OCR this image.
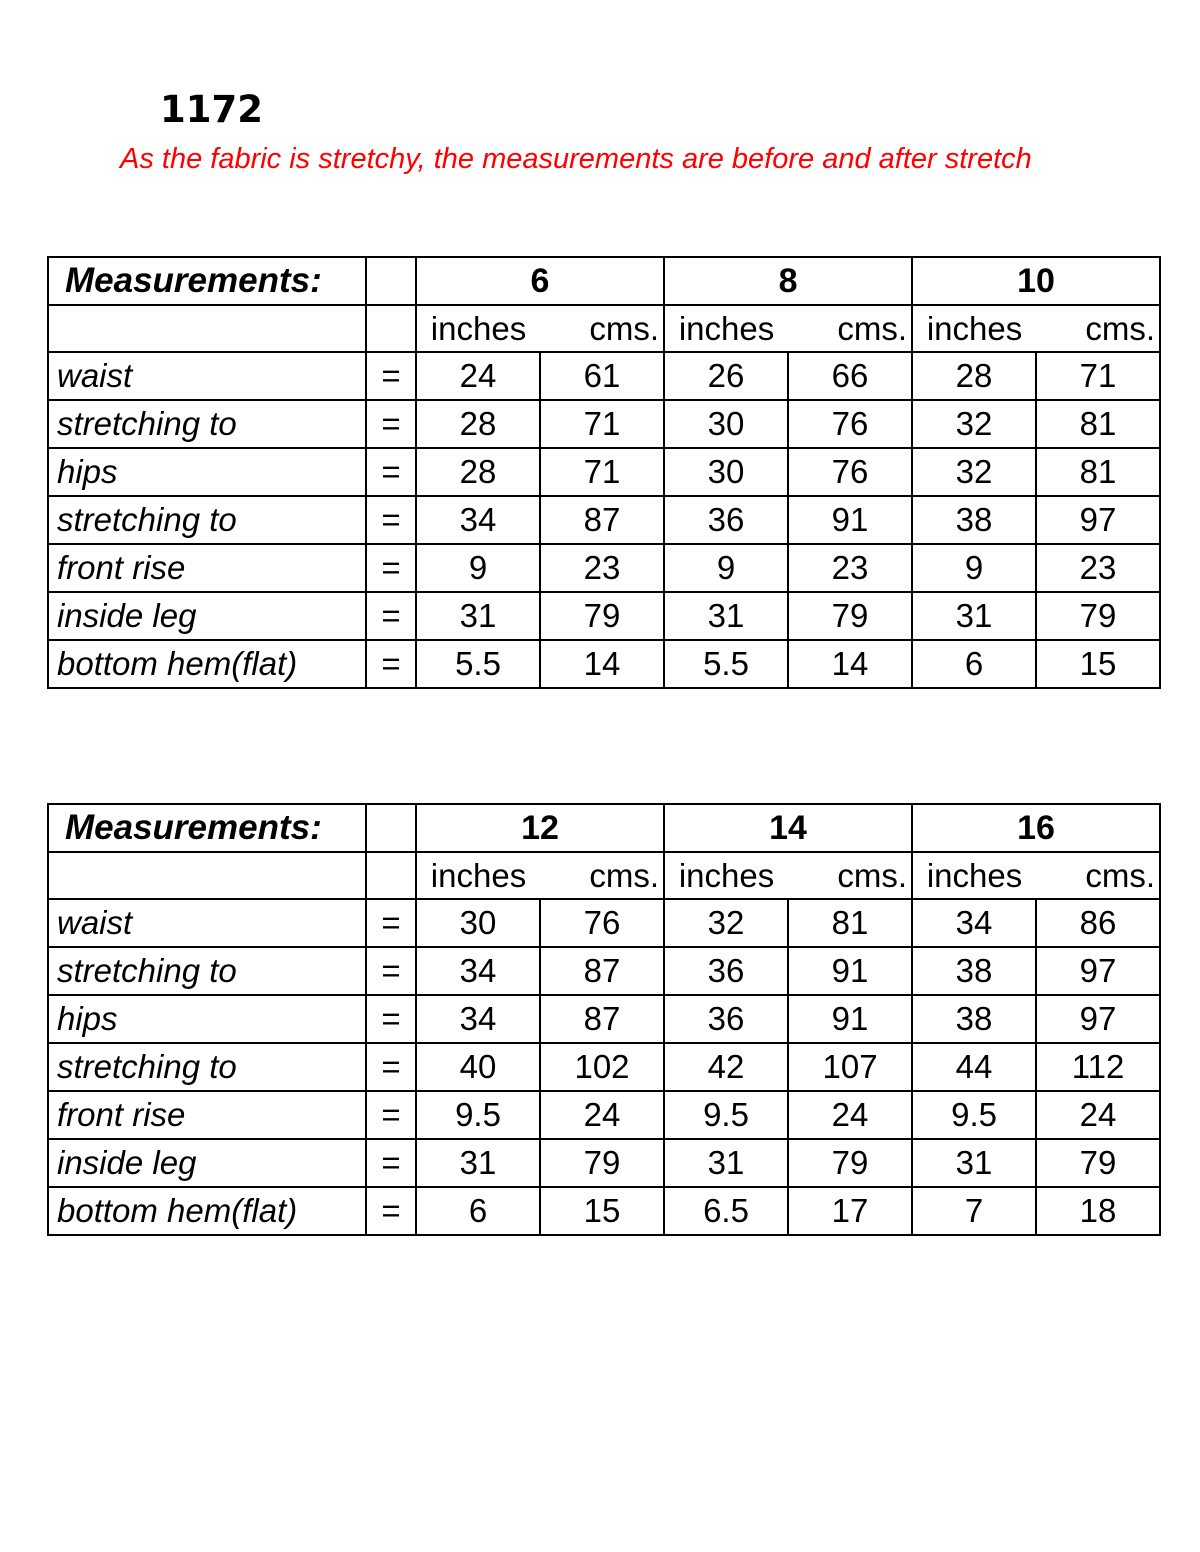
1172
As the fabric is stretchy, the measurements are before and after stretch
Measurements:		6		8		10	
		inches	cms.	inches	cms.	inches	cms.
waist	=	24	61	26	66	28	71
stretching to	=	28	71	30	76	32	81
hips	=	28	71	30	76	32	81
stretching to	=	34	87	36	91	38	97
front rise	=	9	23	9	23	9	23
inside leg	=	31	79	31	79	31	79
bottom hem(flat)	=	5.5	14	5.5	14	6	15
Measurements:		12		14		16	
		inches	cms.	inches	cms.	inches	cms.
waist	=	30	76	32	81	34	86
stretching to	=	34	87	36	91	38	97
hips	=	34	87	36	91	38	97
stretching to	=	40	102	42	107	44	112
front rise	=	9.5	24	9.5	24	9.5	24
inside leg	=	31	79	31	79	31	79
bottom hem(flat)	=	6	15	6.5	17	7	18
